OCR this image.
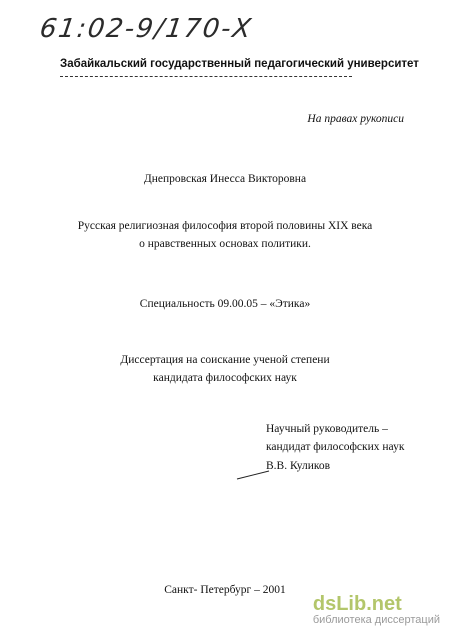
61:02-9/170-Х
Забайкальский государственный педагогический университет
На правах рукописи
Днепровская Инесса Викторовна
Русская религиозная философия второй половины XIX века
о нравственных основах политики.
Специальность 09.00.05 – «Этика»
Диссертация на соискание ученой степени
кандидата философских наук
Научный руководитель –
кандидат философских наук
В.В. Куликов
Санкт- Петербург – 2001
dsLib.net
библиотека диссертаций
